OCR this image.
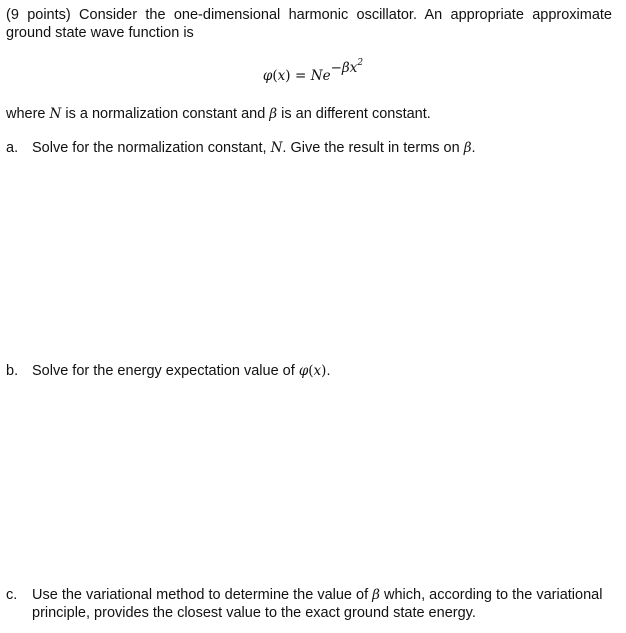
(9 points) Consider the one-dimensional harmonic oscillator. An appropriate approximate ground state wave function is
$\varphi(x) = Ne^{-\beta x^2}$
where N is a normalization constant and β is an different constant.
a. Solve for the normalization constant, N. Give the result in terms on β.
b. Solve for the energy expectation value of φ(x).
c. Use the variational method to determine the value of β which, according to the variational principle, provides the closest value to the exact ground state energy.
